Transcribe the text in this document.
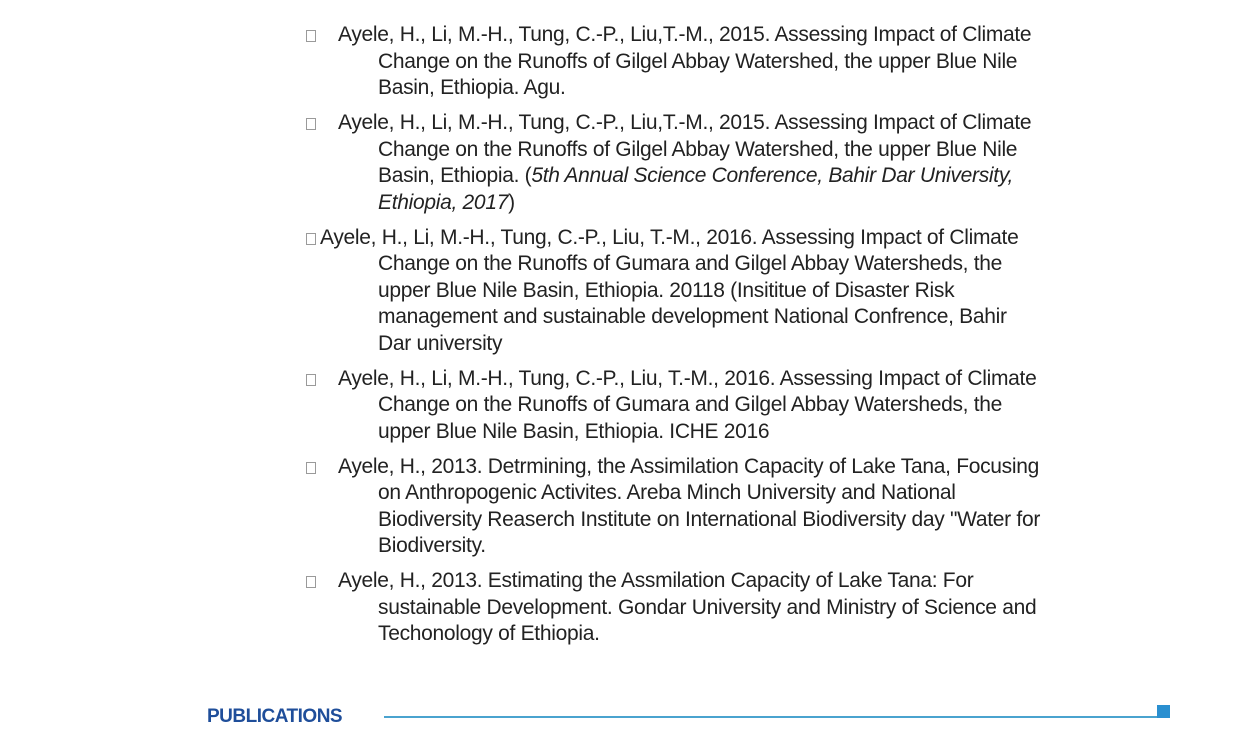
Ayele, H., Li, M.-H., Tung, C.-P., Liu,T.-M., 2015. Assessing Impact of Climate
Change on the Runoffs of Gilgel Abbay Watershed, the upper Blue Nile
Basin, Ethiopia. Agu.
Ayele, H., Li, M.-H., Tung, C.-P., Liu,T.-M., 2015. Assessing Impact of Climate
Change on the Runoffs of Gilgel Abbay Watershed, the upper Blue Nile
Basin, Ethiopia. (5th Annual Science Conference, Bahir Dar University,
Ethiopia, 2017)
Ayele, H., Li, M.-H., Tung, C.-P., Liu, T.-M., 2016. Assessing Impact of Climate
Change on the Runoffs of Gumara and Gilgel Abbay Watersheds, the
upper Blue Nile Basin, Ethiopia. 20118 (Insititue of Disaster Risk
management and sustainable development National Confrence, Bahir
Dar university
Ayele, H., Li, M.-H., Tung, C.-P., Liu, T.-M., 2016. Assessing Impact of Climate
Change on the Runoffs of Gumara and Gilgel Abbay Watersheds, the
upper Blue Nile Basin, Ethiopia. ICHE 2016
Ayele, H., 2013. Detrmining, the Assimilation Capacity of Lake Tana, Focusing
on Anthropogenic Activites. Areba Minch University and National
Biodiversity Reaserch Institute on International Biodiversity day "Water for
Biodiversity.
Ayele, H., 2013. Estimating the Assmilation Capacity of Lake Tana: For
sustainable Development. Gondar University and Ministry of Science and
Techonology of Ethiopia.
PUBLICATIONS
